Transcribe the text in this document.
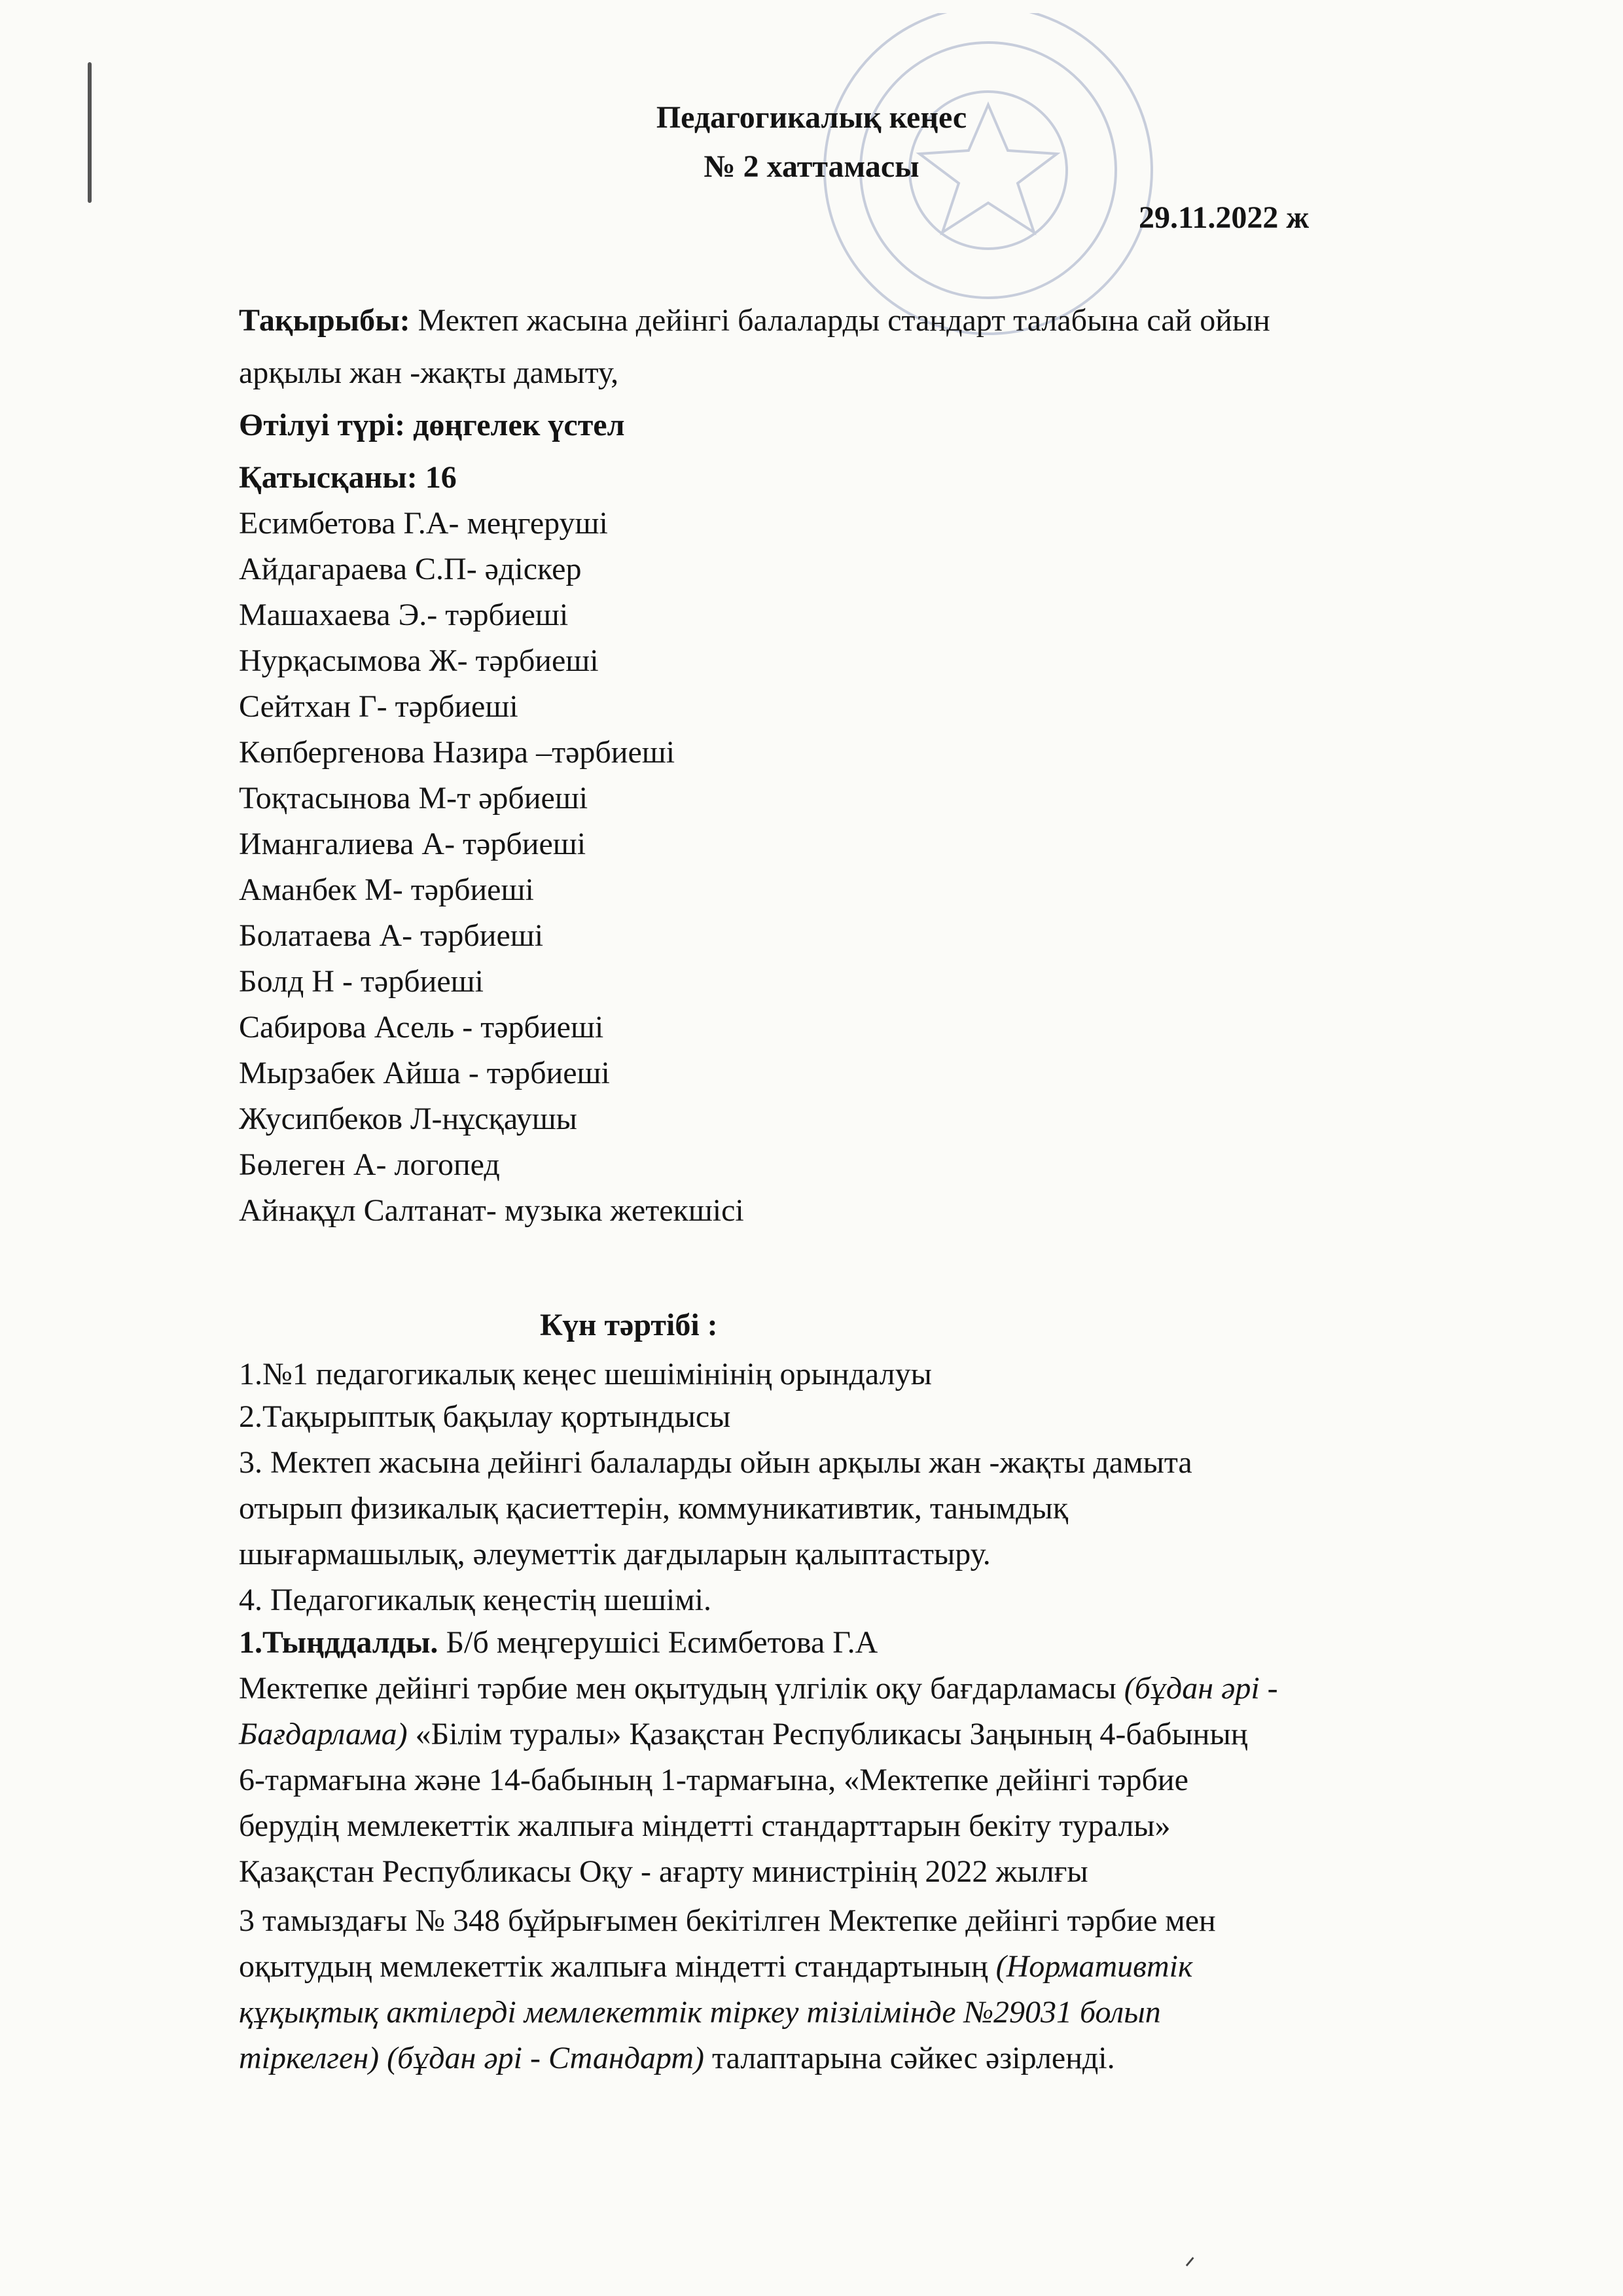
Педагогикалық кеңес
№ 2 хаттамасы
29.11.2022 ж
Тақырыбы: Мектеп жасына дейінгі балаларды стандарт талабына сай ойын
арқылы жан -жақты дамыту,
Өтілуі түрі: дөңгелек үстел
Қатысқаны: 16
Есимбетова Г.А- меңгеруші
Айдагараева С.П- әдіскер
Машахаева Э.- тәрбиеші
Нурқасымова Ж- тәрбиеші
Сейтхан Г- тәрбиеші
Көпбергенова Назира –тәрбиеші
Тоқтасынова М-т әрбиеші
Имангалиева А- тәрбиеші
Аманбек М- тәрбиеші
Болатаева А- тәрбиеші
Болд Н - тәрбиеші
Сабирова Асель - тәрбиеші
Мырзабек Айша - тәрбиеші
Жусипбеков Л-нұсқаушы
Бөлеген А- логопед
Айнақұл Салтанат- музыка жетекшісі
Күн тәртібі :
1.№1 педагогикалық кеңес шешімінінің орындалуы
2.Тақырыптық бақылау қортындысы
3. Мектеп жасына дейінгі балаларды ойын арқылы жан -жақты дамыта
отырып физикалық қасиеттерін, коммуникативтик, танымдық
шығармашылық, әлеуметтік дағдыларын қалыптастыру.
4. Педагогикалық кеңестің шешімі.
1.Тыңддалды. Б/б меңгерушісі Есимбетова Г.А
Мектепке дейінгі тәрбие мен оқытудың үлгілік оқу бағдарламасы (бұдан әрі -
Бағдарлама) «Білім туралы» Қазақстан Республикасы Заңының 4-бабының
6-тармағына және 14-бабының 1-тармағына, «Мектепке дейінгі тәрбие
берудің мемлекеттік жалпыға міндетті стандарттарын бекіту туралы»
Қазақстан Республикасы Оқу - ағарту министрінің 2022 жылғы
3 тамыздағы № 348 бұйрығымен бекітілген Мектепке дейінгі тәрбие мен
оқытудың мемлекеттік жалпыға міндетті стандартының (Нормативтік
құқықтық актілерді мемлекеттік тіркеу тізілімінде №29031 болып
тіркелген) (бұдан әрі - Стандарт) талаптарына сәйкес әзірленді.
ᐟ
